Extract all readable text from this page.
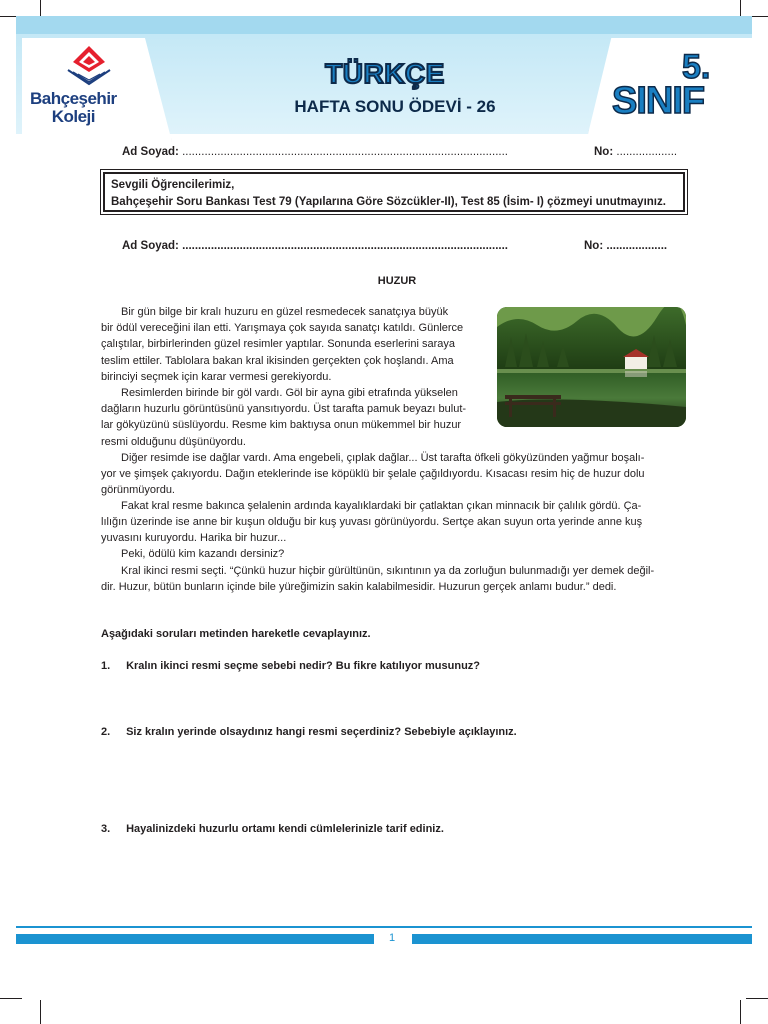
Bahçeşehir
Koleji
TÜRKÇE
HAFTA SONU ÖDEVİ - 26
5.
SINIF
Ad Soyad: ......................................................................................................	No: ...................
Sevgili Öğrencilerimiz,
Bahçeşehir Soru Bankası Test 79 (Yapılarına Göre Sözcükler-II), Test 85 (İsim- I) çözmeyi unutmayınız.
Ad Soyad: ......................................................................................................	No: ...................
HUZUR
Bir gün bilge bir kralı huzuru en güzel resmedecek sanatçıya büyük
bir ödül vereceğini ilan etti. Yarışmaya çok sayıda sanatçı katıldı. Günlerce
çalıştılar, birbirlerinden güzel resimler yaptılar. Sonunda eserlerini saraya
teslim ettiler. Tablolara bakan kral ikisinden gerçekten çok hoşlandı. Ama
birinciyi seçmek için karar vermesi gerekiyordu.
Resimlerden birinde bir göl vardı. Göl bir ayna gibi etrafında yükselen
dağların huzurlu görüntüsünü yansıtıyordu. Üst tarafta pamuk beyazı bulut-
lar gökyüzünü süslüyordu. Resme kim baktıysa onun mükemmel bir huzur
resmi olduğunu düşünüyordu.
Diğer resimde ise dağlar vardı. Ama engebeli, çıplak dağlar... Üst tarafta öfkeli gökyüzünden yağmur boşalı-
yor ve şimşek çakıyordu. Dağın eteklerinde ise köpüklü bir şelale çağıldıyordu. Kısacası resim hiç de huzur dolu
görünmüyordu.
Fakat kral resme bakınca şelalenin ardında kayalıklardaki bir çatlaktan çıkan minnacık bir çalılık gördü. Ça-
lılığın üzerinde ise anne bir kuşun olduğu bir kuş yuvası görünüyordu. Sertçe akan suyun orta yerinde anne kuş
yuvasını kuruyordu. Harika bir huzur...
Peki, ödülü kim kazandı dersiniz?
Kral ikinci resmi seçti. “Çünkü huzur hiçbir gürültünün, sıkıntının ya da zorluğun bulunmadığı yer demek değil-
dir. Huzur, bütün bunların içinde bile yüreğimizin sakin kalabilmesidir. Huzurun gerçek anlamı budur.” dedi.
Aşağıdaki soruları metinden hareketle cevaplayınız.
1. Kralın ikinci resmi seçme sebebi nedir? Bu fikre katılıyor musunuz?
2. Siz kralın yerinde olsaydınız hangi resmi seçerdiniz? Sebebiyle açıklayınız.
3. Hayalinizdeki huzurlu ortamı kendi cümlelerinizle tarif ediniz.
1
